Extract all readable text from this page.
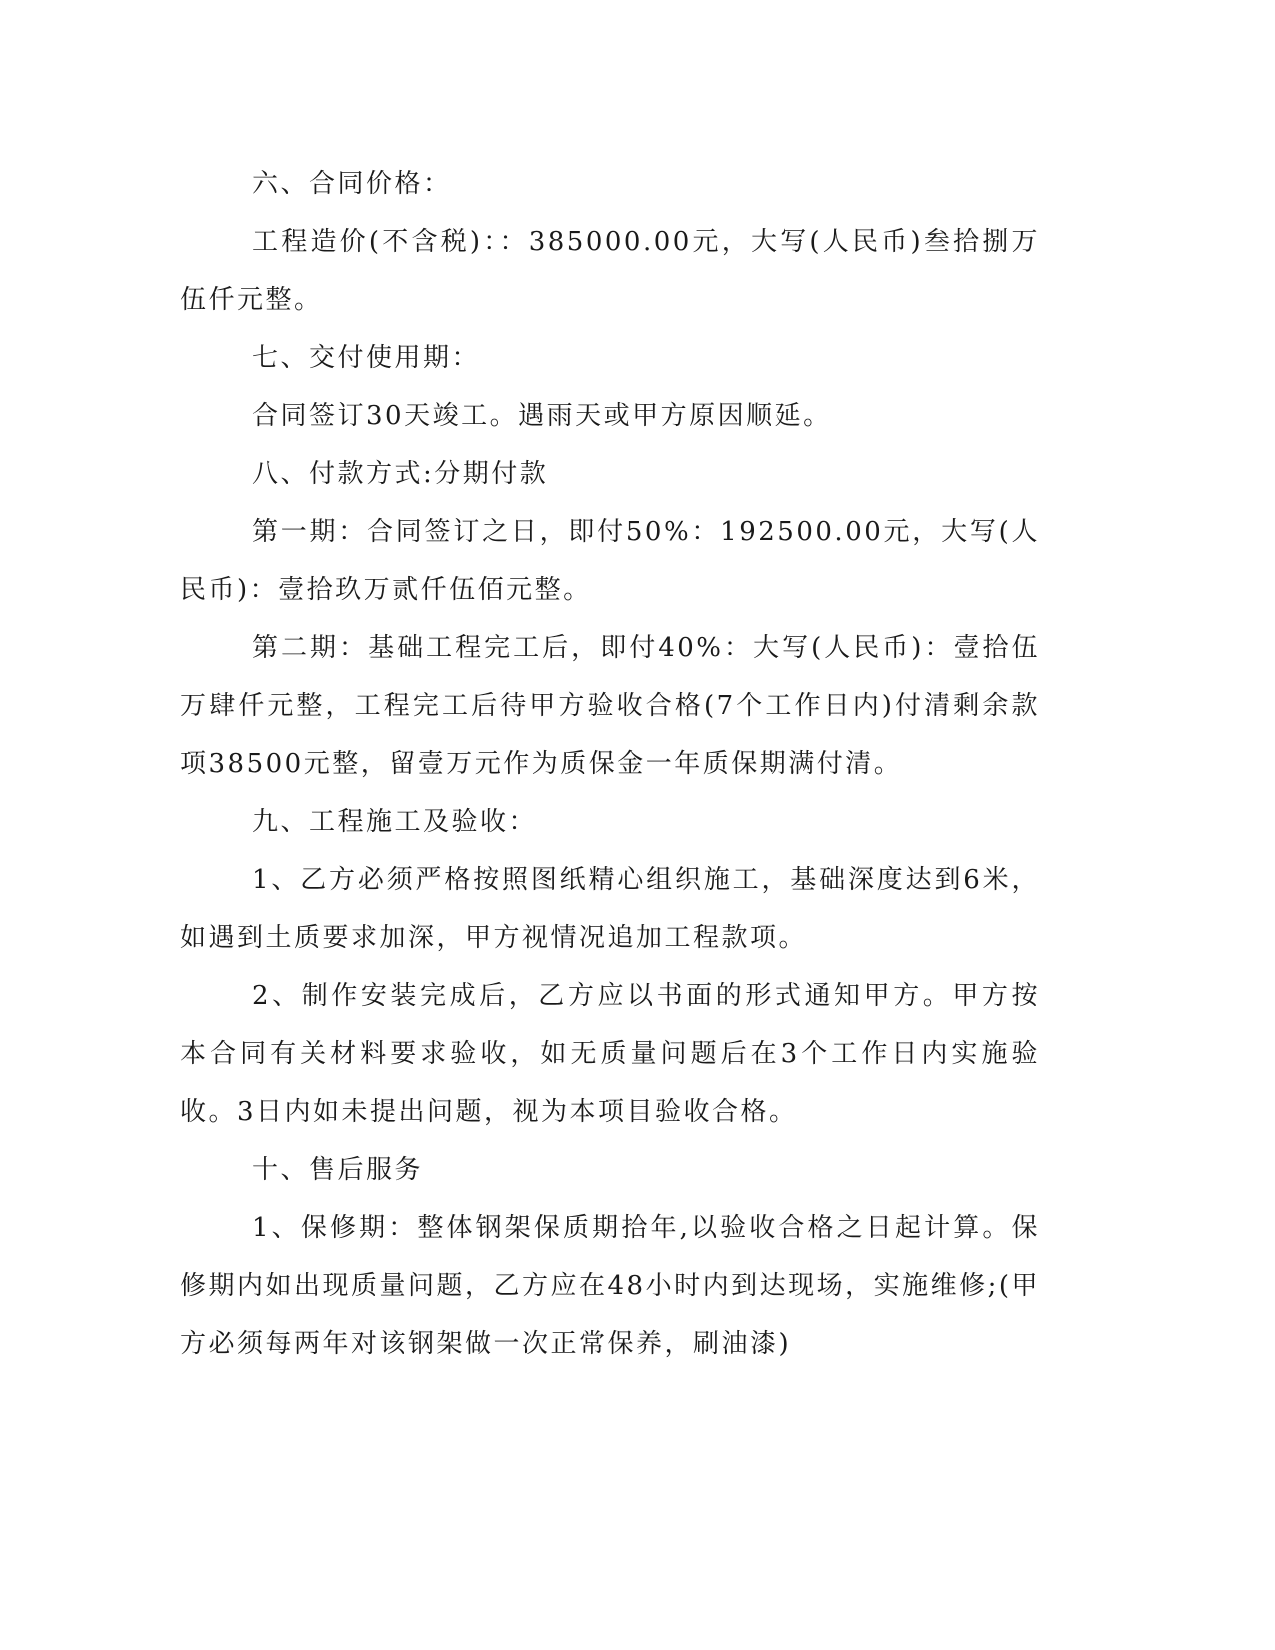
六、合同价格：

工程造价(不含税)：：385000.00元，大写(人民币)叁拾捌万伍仟元整。

七、交付使用期：

合同签订30天竣工。遇雨天或甲方原因顺延。

八、付款方式:分期付款

第一期：合同签订之日，即付50%：192500.00元，大写(人民币)：壹拾玖万贰仟伍佰元整。

第二期：基础工程完工后，即付40%：大写(人民币)：壹拾伍万肆仟元整，工程完工后待甲方验收合格(7个工作日内)付清剩余款项38500元整，留壹万元作为质保金一年质保期满付清。

九、工程施工及验收：

1、乙方必须严格按照图纸精心组织施工，基础深度达到6米，如遇到土质要求加深，甲方视情况追加工程款项。

2、制作安装完成后，乙方应以书面的形式通知甲方。甲方按本合同有关材料要求验收，如无质量问题后在3个工作日内实施验收。3日内如未提出问题，视为本项目验收合格。

十、售后服务

1、保修期：整体钢架保质期拾年,以验收合格之日起计算。保修期内如出现质量问题，乙方应在48小时内到达现场，实施维修;(甲方必须每两年对该钢架做一次正常保养，刷油漆)
